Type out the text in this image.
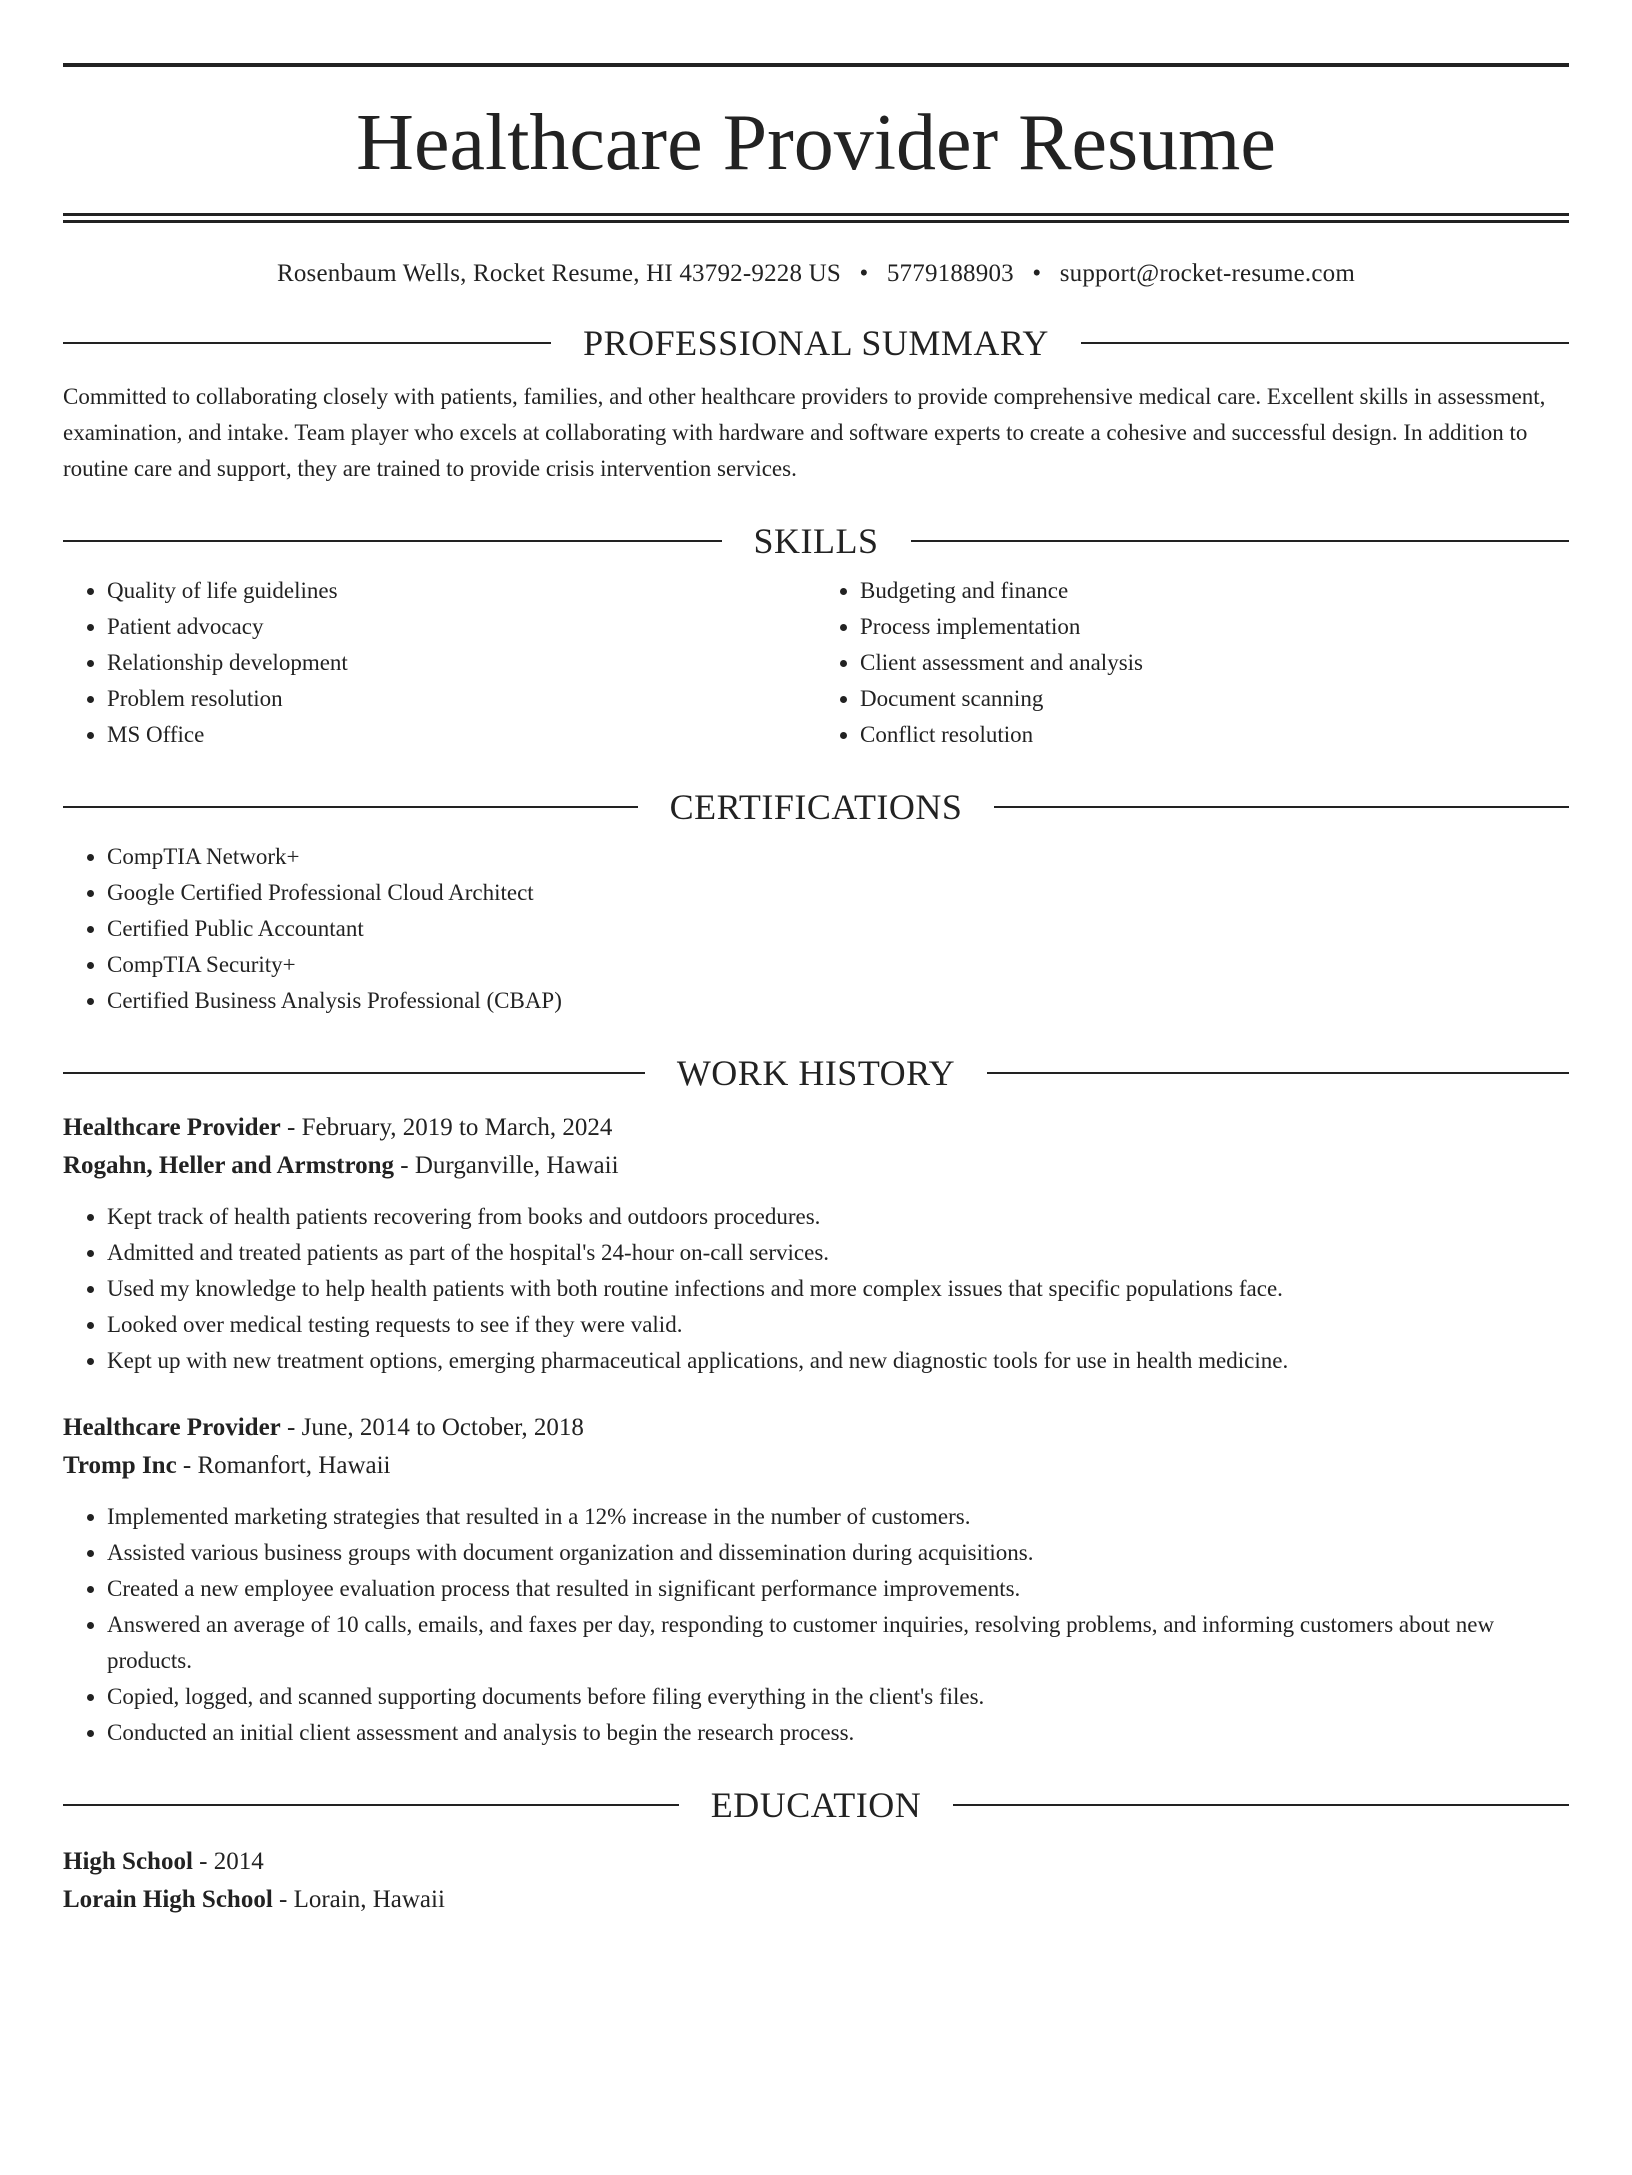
Healthcare Provider Resume
Rosenbaum Wells, Rocket Resume, HI 43792-9228 US • 5779188903 • support@rocket-resume.com
PROFESSIONAL SUMMARY
Committed to collaborating closely with patients, families, and other healthcare providers to provide comprehensive medical care. Excellent skills in assessment, examination, and intake. Team player who excels at collaborating with hardware and software experts to create a cohesive and successful design. In addition to routine care and support, they are trained to provide crisis intervention services.
SKILLS
• Quality of life guidelines
• Patient advocacy
• Relationship development
• Problem resolution
• MS Office
• Budgeting and finance
• Process implementation
• Client assessment and analysis
• Document scanning
• Conflict resolution
CERTIFICATIONS
• CompTIA Network+
• Google Certified Professional Cloud Architect
• Certified Public Accountant
• CompTIA Security+
• Certified Business Analysis Professional (CBAP)
WORK HISTORY
Healthcare Provider - February, 2019 to March, 2024
Rogahn, Heller and Armstrong - Durganville, Hawaii
• Kept track of health patients recovering from books and outdoors procedures.
• Admitted and treated patients as part of the hospital's 24-hour on-call services.
• Used my knowledge to help health patients with both routine infections and more complex issues that specific populations face.
• Looked over medical testing requests to see if they were valid.
• Kept up with new treatment options, emerging pharmaceutical applications, and new diagnostic tools for use in health medicine.
Healthcare Provider - June, 2014 to October, 2018
Tromp Inc - Romanfort, Hawaii
• Implemented marketing strategies that resulted in a 12% increase in the number of customers.
• Assisted various business groups with document organization and dissemination during acquisitions.
• Created a new employee evaluation process that resulted in significant performance improvements.
• Answered an average of 10 calls, emails, and faxes per day, responding to customer inquiries, resolving problems, and informing customers about new products.
• Copied, logged, and scanned supporting documents before filing everything in the client's files.
• Conducted an initial client assessment and analysis to begin the research process.
EDUCATION
High School - 2014
Lorain High School - Lorain, Hawaii
